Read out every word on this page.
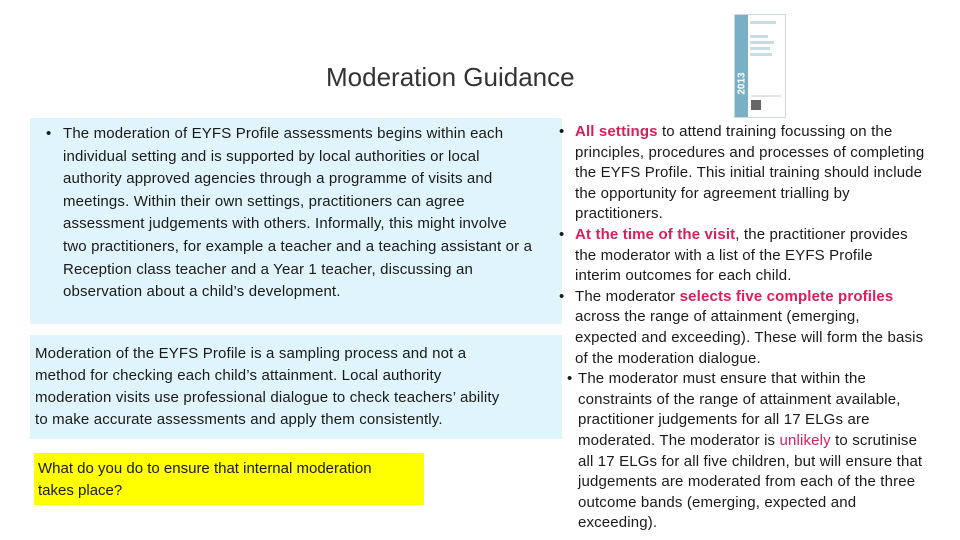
Moderation Guidance	2013
• The moderation of EYFS Profile assessments begins within each
individual setting and is supported by local authorities or local
authority approved agencies through a programme of visits and
meetings. Within their own settings, practitioners can agree
assessment judgements with others. Informally, this might involve
two practitioners, for example a teacher and a teaching assistant or a
Reception class teacher and a Year 1 teacher, discussing an
observation about a child’s development.
Moderation of the EYFS Profile is a sampling process and not a
method for checking each child’s attainment. Local authority
moderation visits use professional dialogue to check teachers’ ability
to make accurate assessments and apply them consistently.
What do you do to ensure that internal moderation
takes place?
• All settings to attend training focussing on the
principles, procedures and processes of completing
the EYFS Profile. This initial training should include
the opportunity for agreement trialling by
practitioners.
• At the time of the visit, the practitioner provides
the moderator with a list of the EYFS Profile
interim outcomes for each child.
• The moderator selects five complete profiles
across the range of attainment (emerging,
expected and exceeding). These will form the basis
of the moderation dialogue.
• The moderator must ensure that within the
constraints of the range of attainment available,
practitioner judgements for all 17 ELGs are
moderated. The moderator is unlikely to scrutinise
all 17 ELGs for all five children, but will ensure that
judgements are moderated from each of the three
outcome bands (emerging, expected and
exceeding).
